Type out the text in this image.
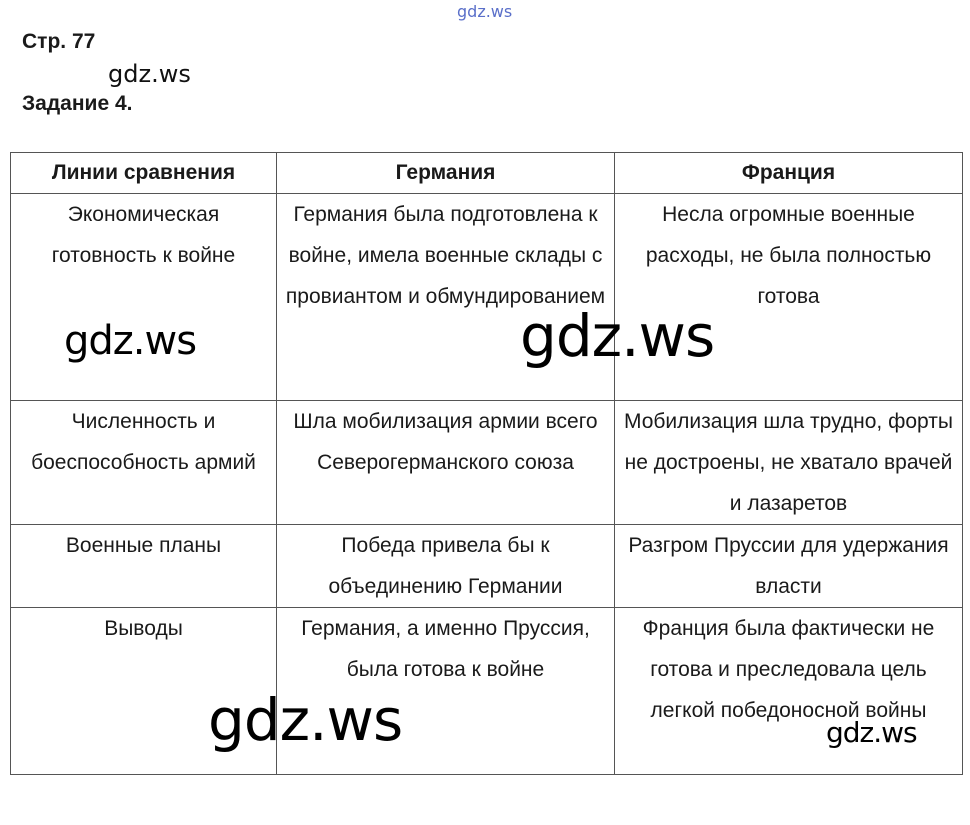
gdz.ws
Стр. 77
gdz.ws
Задание 4.
Линии сравнения	Германия	Франция
Экономическая готовность к войне	Германия была подготовлена к войне, имела военные склады с провиантом и обмундированием	Несла огромные военные расходы, не была полностью готова
Численность и боеспособность армий	Шла мобилизация армии всего Северогерманского союза	Мобилизация шла трудно, форты не достроены, не хватало врачей и лазаретов
Военные планы	Победа привела бы к объединению Германии	Разгром Пруссии для удержания власти
Выводы	Германия, а именно Пруссия, была готова к войне	Франция была фактически не готова и преследовала цель легкой победоносной войны
gdz.ws	gdz.ws
gdz.ws	gdz.ws
